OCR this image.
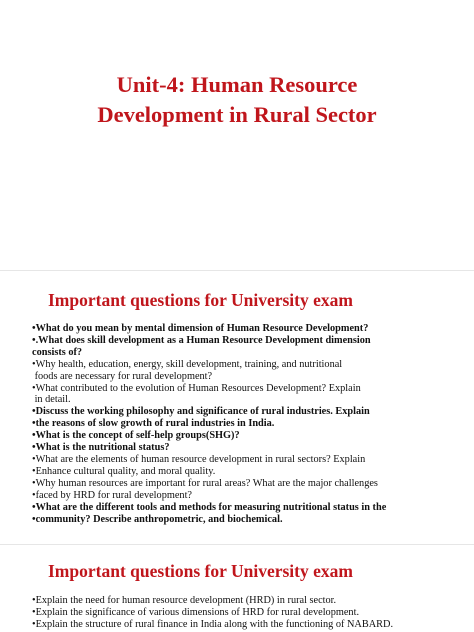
Unit-4: Human Resource
Development in Rural Sector
Important questions for University exam
•What do you mean by mental dimension of Human Resource Development?
•.What does skill development as a Human Resource Development dimension
consists of?
•Why health, education, energy, skill development, training, and nutritional
foods are necessary for rural development?
•What contributed to the evolution of Human Resources Development? Explain
in detail.
•Discuss the working philosophy and significance of rural industries. Explain
•the reasons of slow growth of rural industries in India.
•What is the concept of self-help groups(SHG)?
•What is the nutritional status?
•What are the elements of human resource development in rural sectors? Explain
•Enhance cultural quality, and moral quality.
•Why human resources are important for rural areas? What are the major challenges
•faced by HRD for rural development?
•What are the different tools and methods for measuring nutritional status in the
•community? Describe anthropometric, and biochemical.
Important questions for University exam
•Explain the need for human resource development (HRD) in rural sector.
•Explain the significance of various dimensions of HRD for rural development.
•Explain the structure of rural finance in India along with the functioning of NABARD.
